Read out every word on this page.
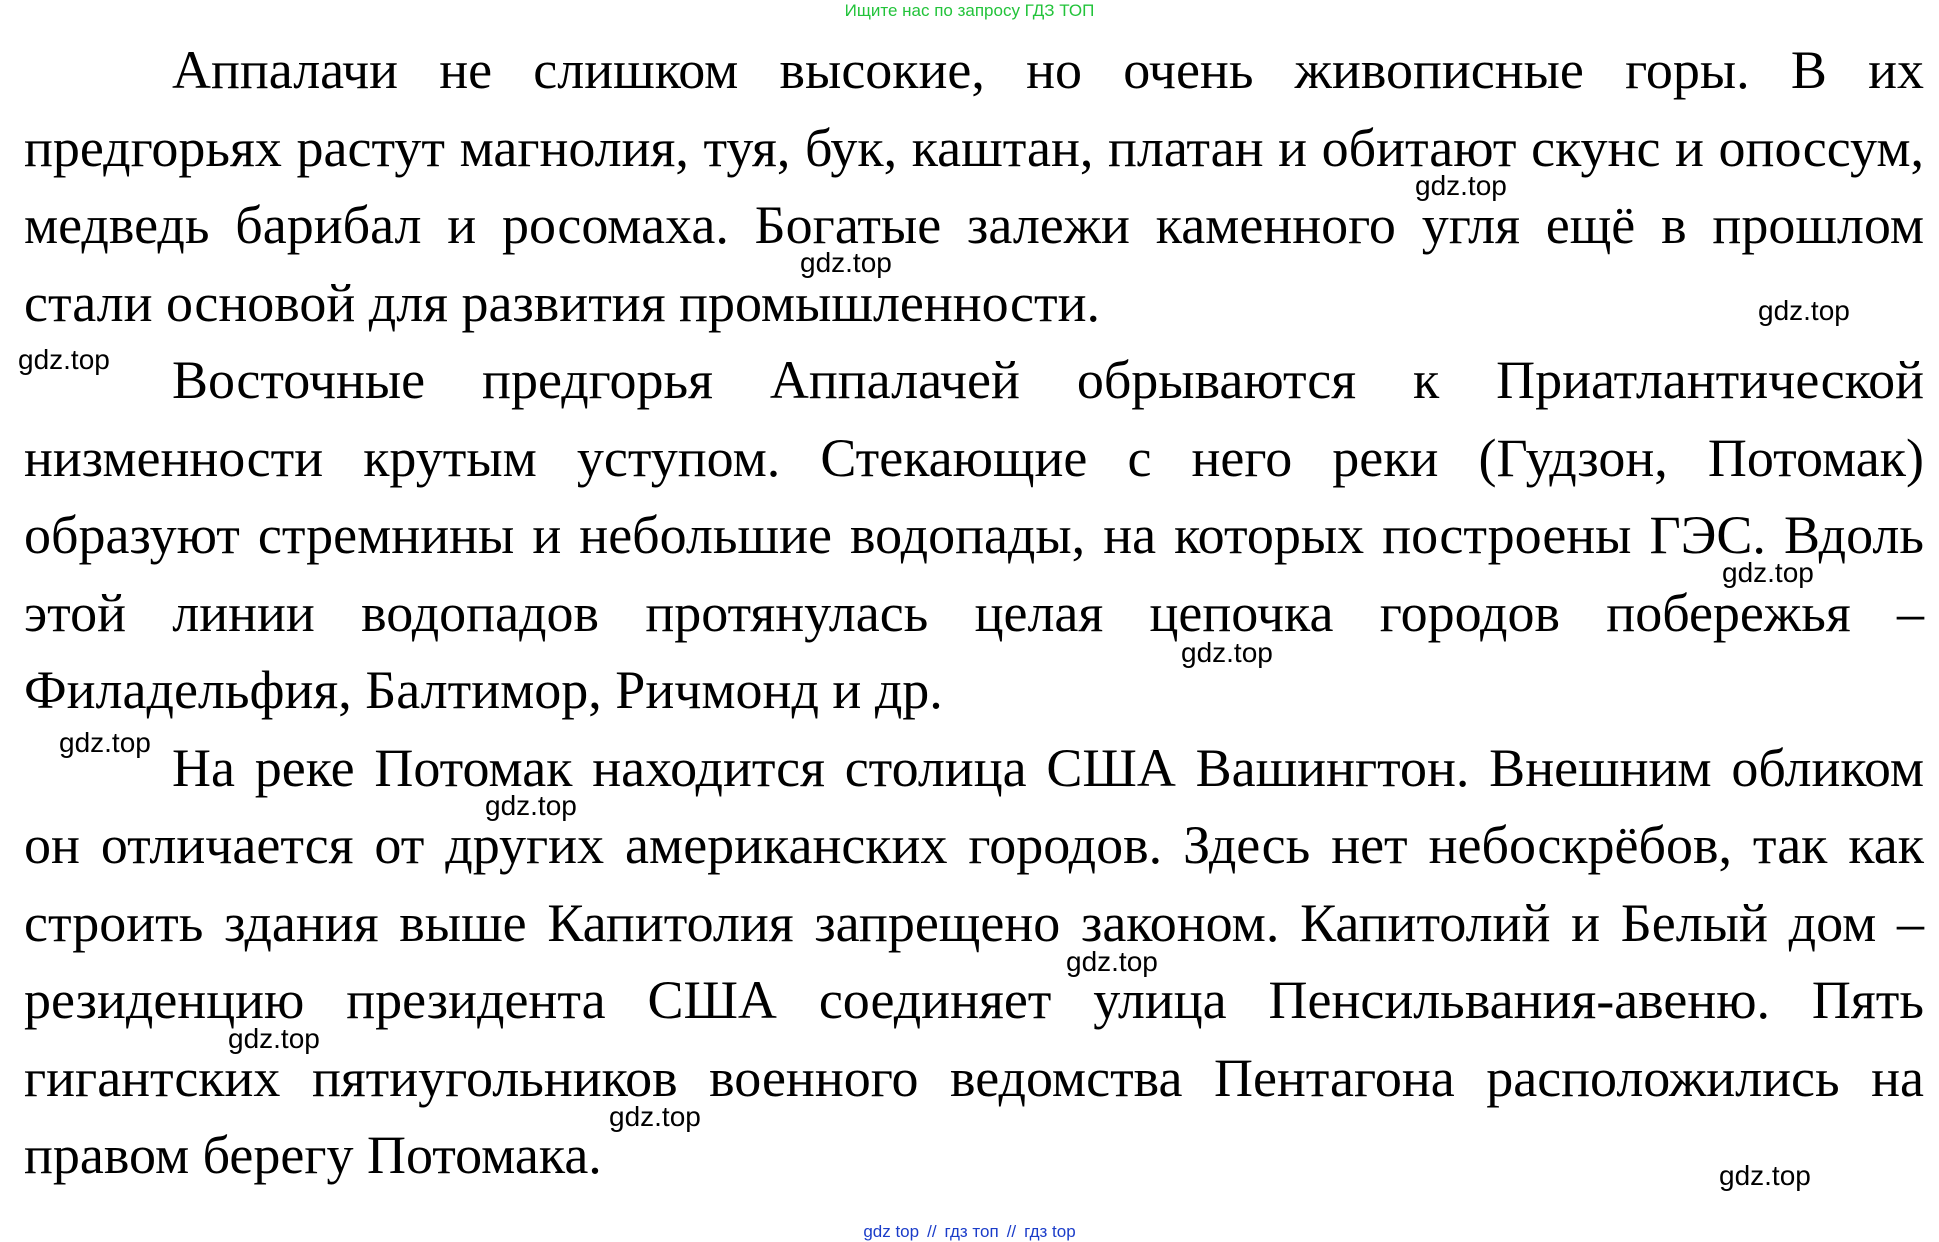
Ищите нас по запросу ГДЗ ТОП

Аппалачи не слишком высокие, но очень живописные горы. В их предгорьях растут магнолия, туя, бук, каштан, платан и обитают скунс и опоссум, медведь барибал и росомаха. Богатые залежи каменного угля ещё в прошлом стали основой для развития промышленности.

Восточные предгорья Аппалачей обрываются к Приатлантической низменности крутым уступом. Стекающие с него реки (Гудзон, Потомак) образуют стремнины и небольшие водопады, на которых построены ГЭС. Вдоль этой линии водопадов протянулась целая цепочка городов побережья – Филадельфия, Балтимор, Ричмонд и др.

На реке Потомак находится столица США Вашингтон. Внешним обликом он отличается от других американских городов. Здесь нет небоскрёбов, так как строить здания выше Капитолия запрещено законом. Капитолий и Белый дом – резиденцию президента США соединяет улица Пенсильвания-авеню. Пять гигантских пятиугольников военного ведомства Пентагона расположились на правом берегу Потомака.

gdz.top
gdz.top
gdz.top
gdz.top
gdz.top
gdz.top
gdz.top
gdz.top
gdz.top
gdz.top
gdz.top
gdz.top
gdz top // гдз топ // гдз top
